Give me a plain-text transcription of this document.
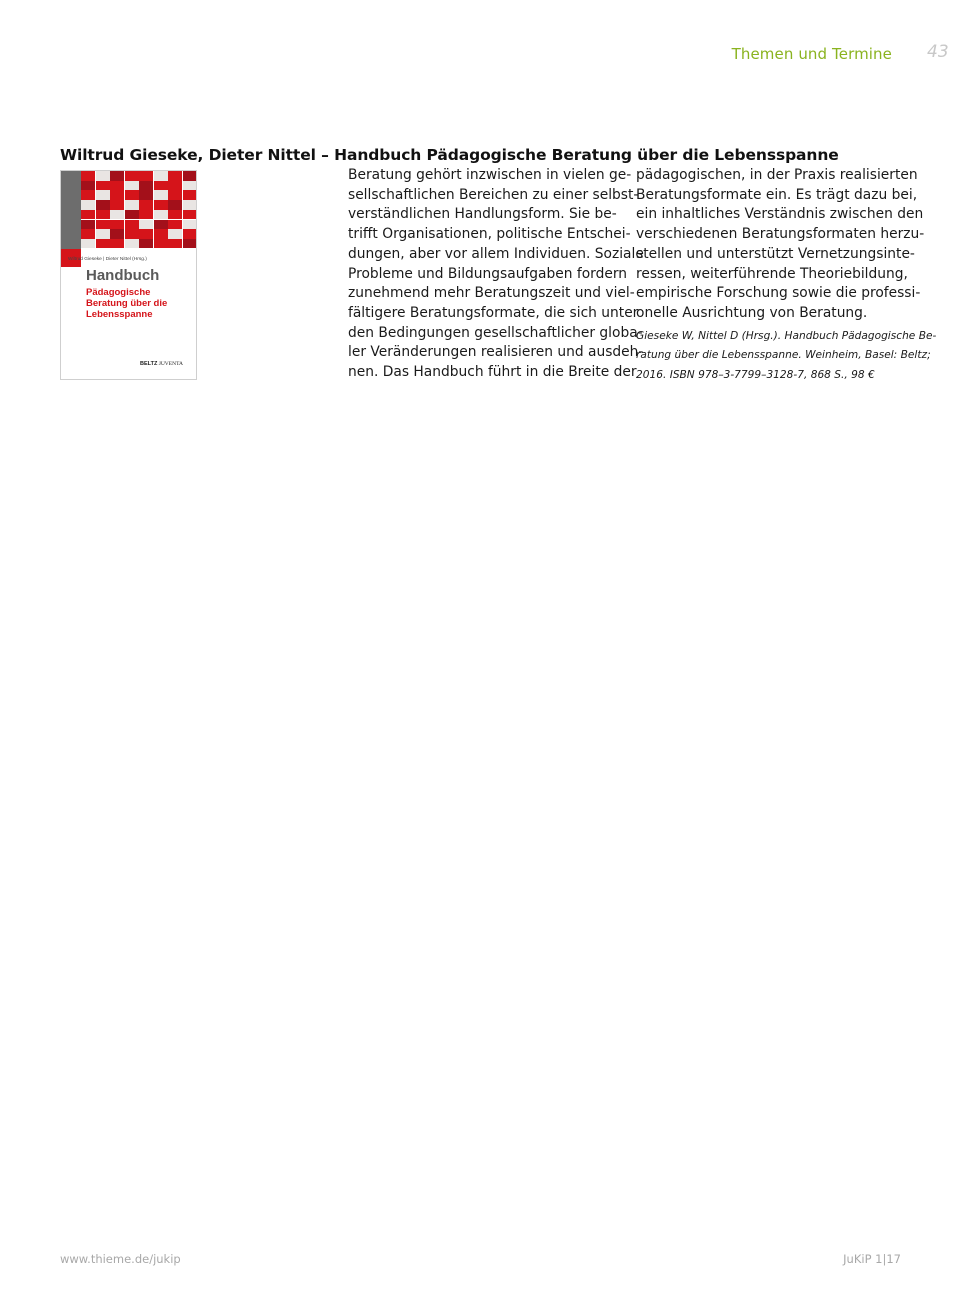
Themen und Termine 43
Wiltrud Gieseke, Dieter Nittel – Handbuch Pädagogische Beratung über die Lebensspanne
Wiltrud Gieseke | Dieter Nittel (Hrsg.)
Handbuch
Pädagogische
Beratung über die
Lebensspanne
BELTZ JUVENTA
Beratung gehört inzwischen in vielen ge-
sellschaftlichen Bereichen zu einer selbst-
verständlichen Handlungsform. Sie be-
trifft Organisationen, politische Entschei-
dungen, aber vor allem Individuen. Soziale
Probleme und Bildungsaufgaben fordern
zunehmend mehr Beratungszeit und viel-
fältigere Beratungsformate, die sich unter
den Bedingungen gesellschaftlicher globa-
ler Veränderungen realisieren und ausdeh-
nen. Das Handbuch führt in die Breite der
pädagogischen, in der Praxis realisierten
Beratungsformate ein. Es trägt dazu bei,
ein inhaltliches Verständnis zwischen den
verschiedenen Beratungsformaten herzu-
stellen und unterstützt Vernetzungsinte-
ressen, weiterführende Theoriebildung,
empirische Forschung sowie die professi-
onelle Ausrichtung von Beratung.
Gieseke W, Nittel D (Hrsg.). Handbuch Pädagogische Be-
ratung über die Lebensspanne. Weinheim, Basel: Beltz;
2016. ISBN 978–3-7799–3128-7, 868 S., 98 €
www.thieme.de/jukip	JuKiP 1|17
